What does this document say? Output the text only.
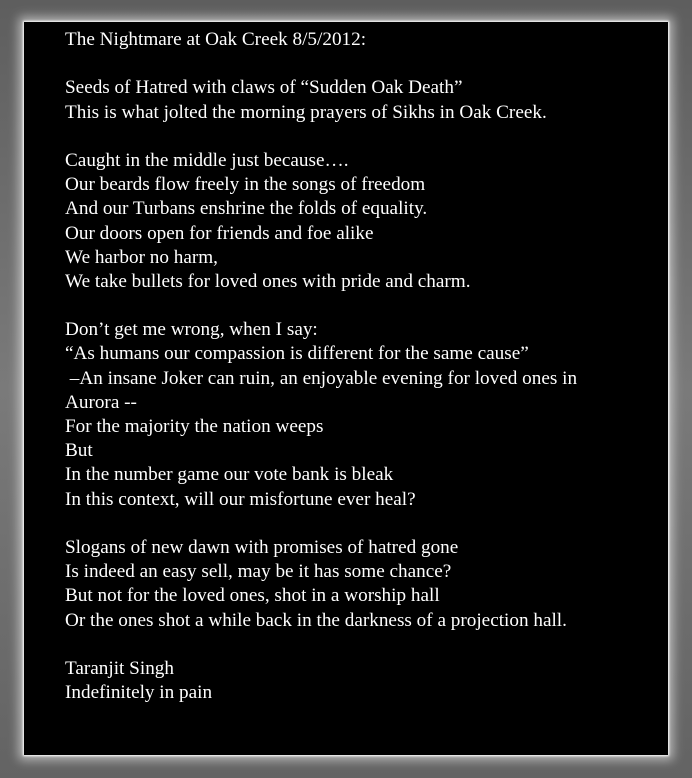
The Nightmare at Oak Creek 8/5/2012:
Seeds of Hatred with claws of “Sudden Oak Death”
This is what jolted the morning prayers of Sikhs in Oak Creek.
Caught in the middle just because….
Our beards flow freely in the songs of freedom
And our Turbans enshrine the folds of equality.
Our doors open for friends and foe alike
We harbor no harm,
We take bullets for loved ones with pride and charm.
Don’t get me wrong, when I say:
“As humans our compassion is different for the same cause”
–An insane Joker can ruin, an enjoyable evening for loved ones in
Aurora --
For the majority the nation weeps
But
In the number game our vote bank is bleak
In this context, will our misfortune ever heal?
Slogans of new dawn with promises of hatred gone
Is indeed an easy sell, may be it has some chance?
But not for the loved ones, shot in a worship hall
Or the ones shot a while back in the darkness of a projection hall.
Taranjit Singh
Indefinitely in pain
